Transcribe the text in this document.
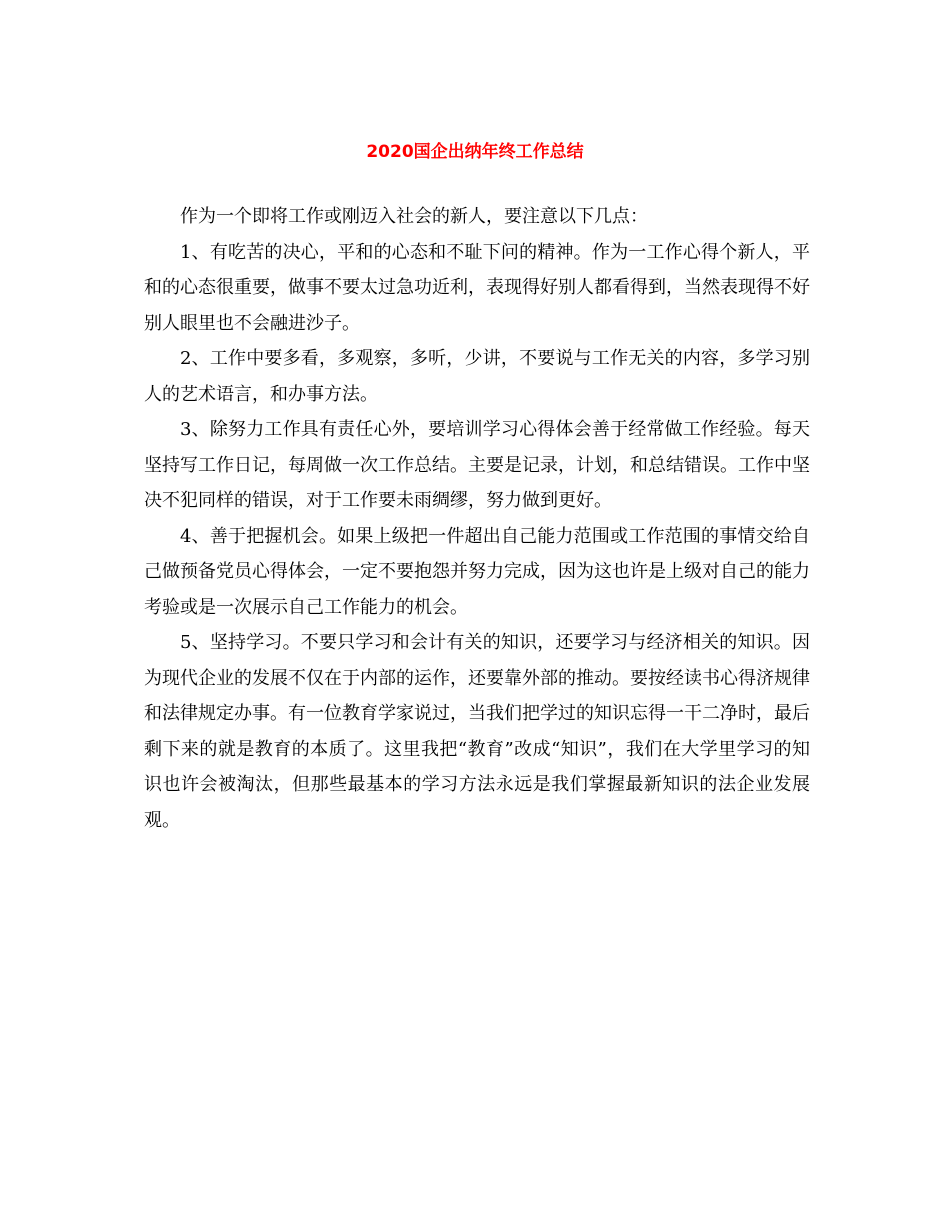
2020国企出纳年终工作总结

作为一个即将工作或刚迈入社会的新人，要注意以下几点：

1、有吃苦的决心，平和的心态和不耻下问的精神。作为一工作心得个新人，平和的心态很重要，做事不要太过急功近利，表现得好别人都看得到，当然表现得不好别人眼里也不会融进沙子。

2、工作中要多看，多观察，多听，少讲，不要说与工作无关的内容，多学习别人的艺术语言，和办事方法。

3、除努力工作具有责任心外，要培训学习心得体会善于经常做工作经验。每天坚持写工作日记，每周做一次工作总结。主要是记录，计划，和总结错误。工作中坚决不犯同样的错误，对于工作要未雨绸缪，努力做到更好。

4、善于把握机会。如果上级把一件超出自己能力范围或工作范围的事情交给自己做预备党员心得体会，一定不要抱怨并努力完成，因为这也许是上级对自己的能力考验或是一次展示自己工作能力的机会。

5、坚持学习。不要只学习和会计有关的知识，还要学习与经济相关的知识。因为现代企业的发展不仅在于内部的运作，还要靠外部的推动。要按经读书心得济规律和法律规定办事。有一位教育学家说过，当我们把学过的知识忘得一干二净时，最后剩下来的就是教育的本质了。这里我把“教育”改成“知识”，我们在大学里学习的知识也许会被淘汰，但那些最基本的学习方法永远是我们掌握最新知识的法企业发展观。
